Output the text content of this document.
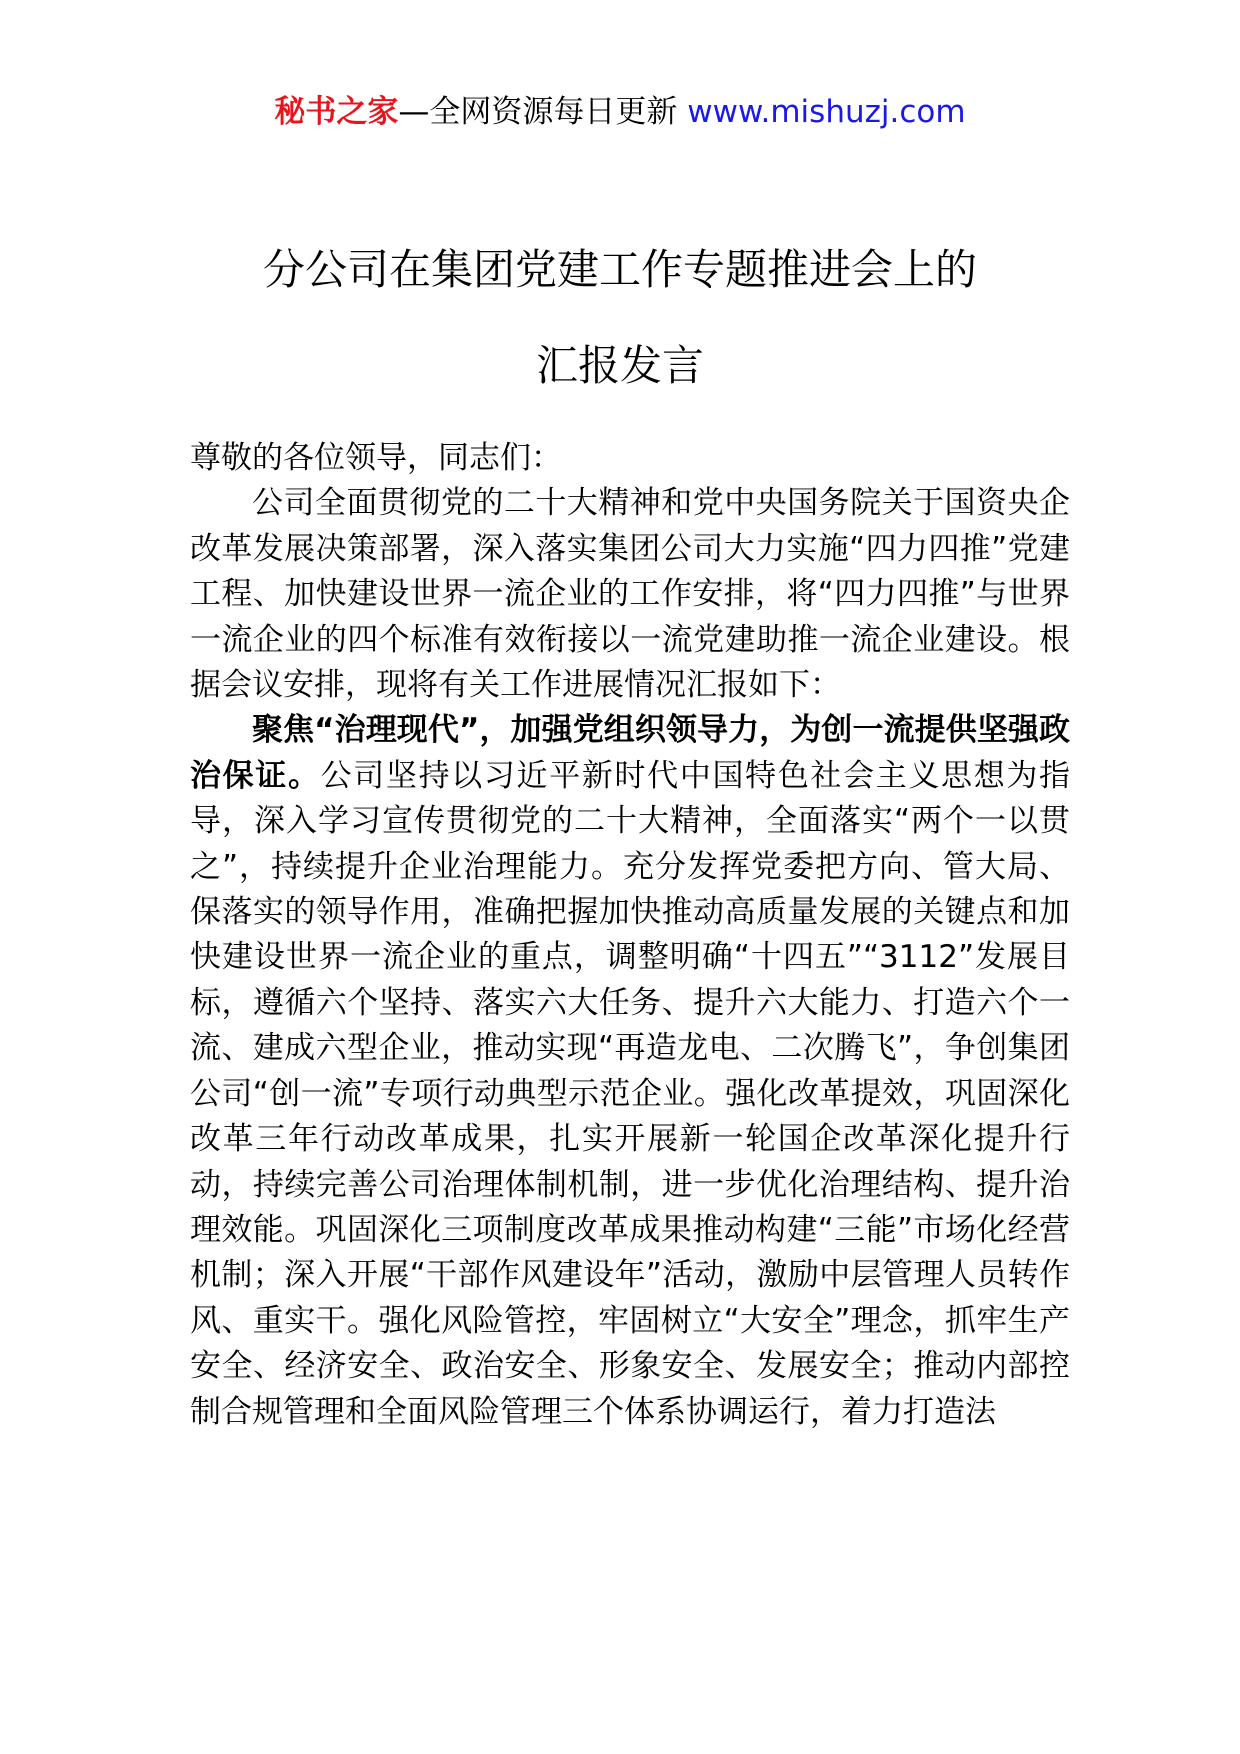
秘书之家—全网资源每日更新 www.mishuzj.com
分公司在集团党建工作专题推进会上的
汇报发言

尊敬的各位领导，同志们：

公司全面贯彻党的二十大精神和党中央国务院关于国资央企改革发展决策部署，深入落实集团公司大力实施“四力四推”党建工程、加快建设世界一流企业的工作安排，将“四力四推”与世界一流企业的四个标准有效衔接以一流党建助推一流企业建设。根据会议安排，现将有关工作进展情况汇报如下：

聚焦“治理现代”，加强党组织领导力，为创一流提供坚强政治保证。公司坚持以习近平新时代中国特色社会主义思想为指导，深入学习宣传贯彻党的二十大精神，全面落实“两个一以贯之”，持续提升企业治理能力。充分发挥党委把方向、管大局、保落实的领导作用，准确把握加快推动高质量发展的关键点和加快建设世界一流企业的重点，调整明确“十四五”“3112”发展目标，遵循六个坚持、落实六大任务、提升六大能力、打造六个一流、建成六型企业，推动实现“再造龙电、二次腾飞”，争创集团公司“创一流”专项行动典型示范企业。强化改革提效，巩固深化改革三年行动改革成果，扎实开展新一轮国企改革深化提升行动，持续完善公司治理体制机制，进一步优化治理结构、提升治理效能。巩固深化三项制度改革成果推动构建“三能”市场化经营机制；深入开展“干部作风建设年”活动，激励中层管理人员转作风、重实干。强化风险管控，牢固树立“大安全”理念，抓牢生产安全、经济安全、政治安全、形象安全、发展安全；推动内部控制合规管理和全面风险管理三个体系协调运行，着力打造法
